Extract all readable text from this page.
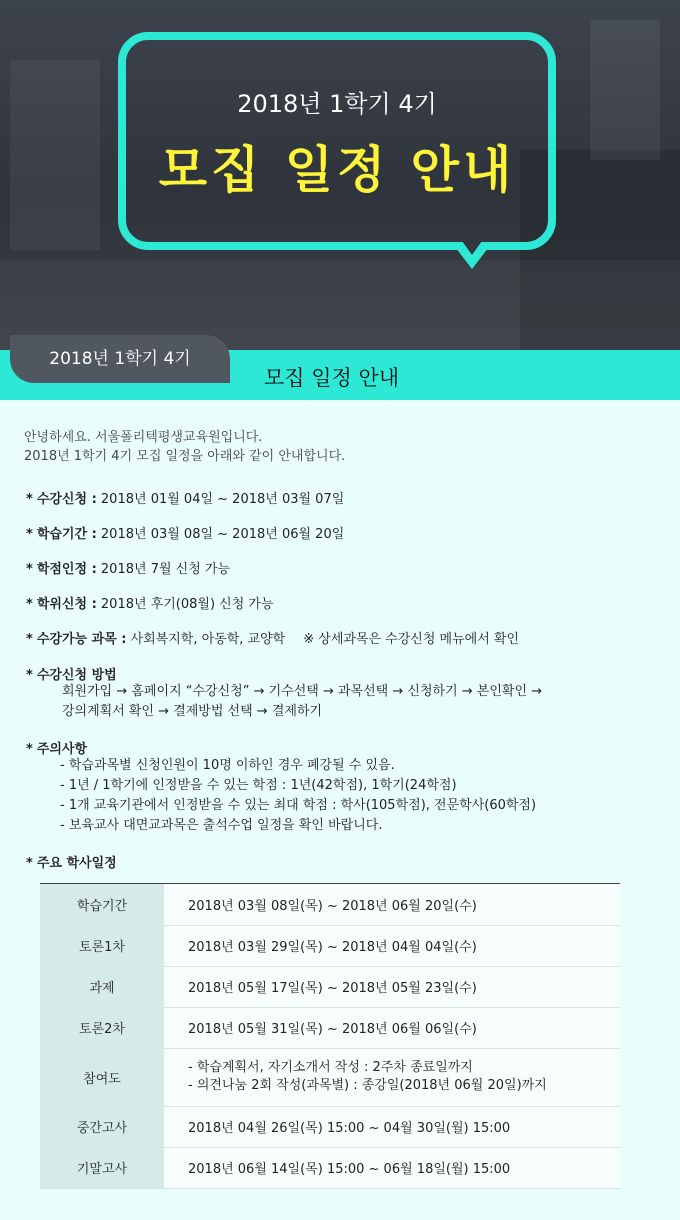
2018년 1학기 4기
모집 일정 안내
2018년 1학기 4기
모집 일정 안내
안녕하세요. 서울폴리텍평생교육원입니다.
2018년 1학기 4기 모집 일정을 아래와 같이 안내합니다.
* 수강신청 : 2018년 01월 04일 ~ 2018년 03월 07일
* 학습기간 : 2018년 03월 08일 ~ 2018년 06월 20일
* 학점인정 : 2018년 7월 신청 가능
* 학위신청 : 2018년 후기(08월) 신청 가능
* 수강가능 과목 : 사회복지학, 아동학, 교양학 ※ 상세과목은 수강신청 메뉴에서 확인
* 수강신청 방법
회원가입 → 홈페이지 “수강신청” → 기수선택 → 과목선택 → 신청하기 → 본인확인 →
강의계획서 확인 → 결제방법 선택 → 결제하기
* 주의사항
- 학습과목별 신청인원이 10명 이하인 경우 폐강될 수 있음.
- 1년 / 1학기에 인정받을 수 있는 학점 : 1년(42학점), 1학기(24학점)
- 1개 교육기관에서 인정받을 수 있는 최대 학점 : 학사(105학점), 전문학사(60학점)
- 보육교사 대면교과목은 출석수업 일정을 확인 바랍니다.
* 주요 학사일정
학습기간	2018년 03월 08일(목) ~ 2018년 06월 20일(수)
토론1차	2018년 03월 29일(목) ~ 2018년 04월 04일(수)
과제	2018년 05월 17일(목) ~ 2018년 05월 23일(수)
토론2차	2018년 05월 31일(목) ~ 2018년 06월 06일(수)
참여도	- 학습계획서, 자기소개서 작성 : 2주차 종료일까지
- 의견나눔 2회 작성(과목별) : 종강일(2018년 06월 20일)까지

중간고사	2018년 04월 26일(목) 15:00 ~ 04월 30일(월) 15:00
기말고사	2018년 06월 14일(목) 15:00 ~ 06월 18일(월) 15:00
